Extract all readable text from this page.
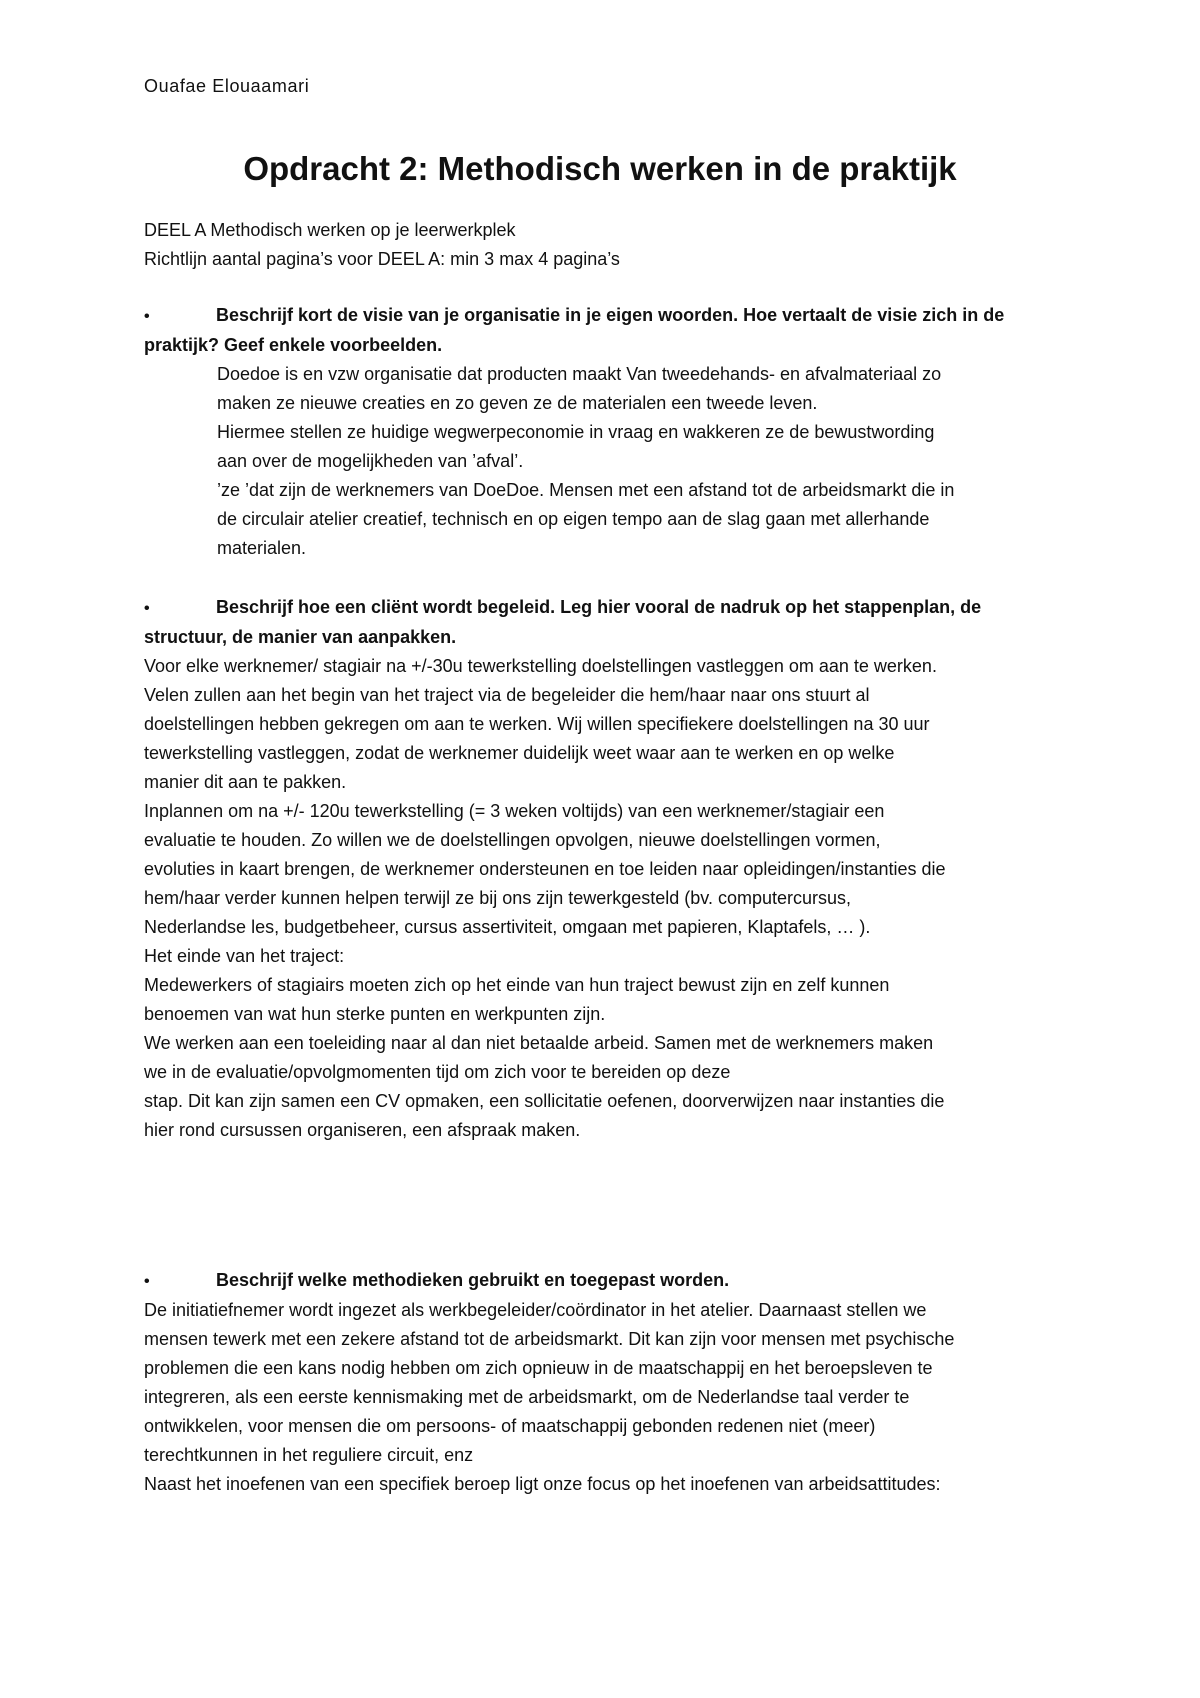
Ouafae Elouaamari
Opdracht 2: Methodisch werken in de praktijk
DEEL A Methodisch werken op je leerwerkplek
Richtlijn aantal pagina’s voor DEEL A: min 3 max 4 pagina’s
•	Beschrijf kort de visie van je organisatie in je eigen woorden. Hoe vertaalt de visie zich in de
praktijk? Geef enkele voorbeelden.
Doedoe is en vzw organisatie dat producten maakt Van tweedehands- en afvalmateriaal zo
maken ze nieuwe creaties en zo geven ze de materialen een tweede leven.
Hiermee stellen ze huidige wegwerpeconomie in vraag en wakkeren ze de bewustwording
aan over de mogelijkheden van ’afval’.
’ze ’dat zijn de werknemers van DoeDoe. Mensen met een afstand tot de arbeidsmarkt die in
de circulair atelier creatief, technisch en op eigen tempo aan de slag gaan met allerhande
materialen.
•	Beschrijf hoe een cliënt wordt begeleid. Leg hier vooral de nadruk op het stappenplan, de
structuur, de manier van aanpakken.
Voor elke werknemer/ stagiair na +/-30u tewerkstelling doelstellingen vastleggen om aan te werken.
Velen zullen aan het begin van het traject via de begeleider die hem/haar naar ons stuurt al
doelstellingen hebben gekregen om aan te werken. Wij willen specifiekere doelstellingen na 30 uur
tewerkstelling vastleggen, zodat de werknemer duidelijk weet waar aan te werken en op welke
manier dit aan te pakken.
Inplannen om na +/- 120u tewerkstelling (= 3 weken voltijds) van een werknemer/stagiair een
evaluatie te houden. Zo willen we de doelstellingen opvolgen, nieuwe doelstellingen vormen,
evoluties in kaart brengen, de werknemer ondersteunen en toe leiden naar opleidingen/instanties die
hem/haar verder kunnen helpen terwijl ze bij ons zijn tewerkgesteld (bv. computercursus,
Nederlandse les, budgetbeheer, cursus assertiviteit, omgaan met papieren, Klaptafels, … ).
Het einde van het traject:
Medewerkers of stagiairs moeten zich op het einde van hun traject bewust zijn en zelf kunnen
benoemen van wat hun sterke punten en werkpunten zijn.
We werken aan een toeleiding naar al dan niet betaalde arbeid. Samen met de werknemers maken
we in de evaluatie/opvolgmomenten tijd om zich voor te bereiden op deze
stap. Dit kan zijn samen een CV opmaken, een sollicitatie oefenen, doorverwijzen naar instanties die
hier rond cursussen organiseren, een afspraak maken.
•	Beschrijf welke methodieken gebruikt en toegepast worden.
De initiatiefnemer wordt ingezet als werkbegeleider/coördinator in het atelier. Daarnaast stellen we
mensen tewerk met een zekere afstand tot de arbeidsmarkt. Dit kan zijn voor mensen met psychische
problemen die een kans nodig hebben om zich opnieuw in de maatschappij en het beroepsleven te
integreren, als een eerste kennismaking met de arbeidsmarkt, om de Nederlandse taal verder te
ontwikkelen, voor mensen die om persoons- of maatschappij gebonden redenen niet (meer)
terechtkunnen in het reguliere circuit, enz
Naast het inoefenen van een specifiek beroep ligt onze focus op het inoefenen van arbeidsattitudes:
